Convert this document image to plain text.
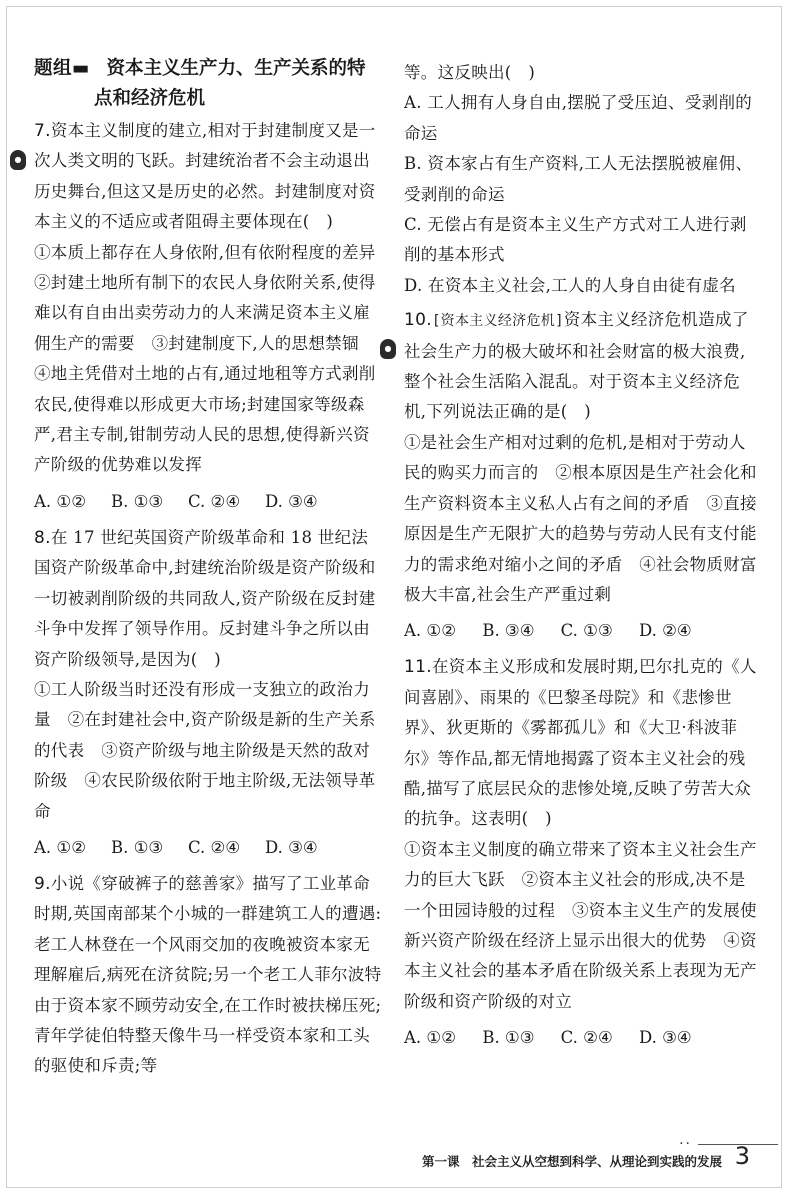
题组▬ 资本主义生产力、生产关系的特
点和经济危机
●

7.资本主义制度的建立,相对于封建制度又是一次人类文明的飞跃。封建统治者不会主动退出历史舞台,但这又是历史的必然。封建制度对资本主义的不适应或者阻碍主要体现在(　)

①本质上都存在人身依附,但有依附程度的差异　②封建土地所有制下的农民人身依附关系,使得难以有自由出卖劳动力的人来满足资本主义雇佣生产的需要　③封建制度下,人的思想禁锢　④地主凭借对土地的占有,通过地租等方式剥削农民,使得难以形成更大市场;封建国家等级森严,君主专制,钳制劳动人民的思想,使得新兴资产阶级的优势难以发挥

A. ①②	B. ①③	C. ②④	D. ③④

8.在 17 世纪英国资产阶级革命和 18 世纪法国资产阶级革命中,封建统治阶级是资产阶级和一切被剥削阶级的共同敌人,资产阶级在反封建斗争中发挥了领导作用。反封建斗争之所以由资产阶级领导,是因为(　)

①工人阶级当时还没有形成一支独立的政治力量　②在封建社会中,资产阶级是新的生产关系的代表　③资产阶级与地主阶级是天然的敌对阶级　④农民阶级依附于地主阶级,无法领导革命

A. ①②	B. ①③	C. ②④	D. ③④

9.小说《穿破裤子的慈善家》描写了工业革命时期,英国南部某个小城的一群建筑工人的遭遇:老工人林登在一个风雨交加的夜晚被资本家无理解雇后,病死在济贫院;另一个老工人菲尔波特由于资本家不顾劳动安全,在工作时被扶梯压死;青年学徒伯特整天像牛马一样受资本家和工头的驱使和斥责;等

等。这反映出(　)

A. 工人拥有人身自由,摆脱了受压迫、受剥削的命运

B. 资本家占有生产资料,工人无法摆脱被雇佣、受剥削的命运

C. 无偿占有是资本主义生产方式对工人进行剥削的基本形式

D. 在资本主义社会,工人的人身自由徒有虚名

●

10.[资本主义经济危机]资本主义经济危机造成了社会生产力的极大破坏和社会财富的极大浪费,整个社会生活陷入混乱。对于资本主义经济危机,下列说法正确的是(　)

①是社会生产相对过剩的危机,是相对于劳动人民的购买力而言的　②根本原因是生产社会化和生产资料资本主义私人占有之间的矛盾　③直接原因是生产无限扩大的趋势与劳动人民有支付能力的需求绝对缩小之间的矛盾　④社会物质财富极大丰富,社会生产严重过剩

A. ①②	B. ③④	C. ①③	D. ②④

11.在资本主义形成和发展时期,巴尔扎克的《人间喜剧》、雨果的《巴黎圣母院》和《悲惨世界》、狄更斯的《雾都孤儿》和《大卫·科波菲尔》等作品,都无情地揭露了资本主义社会的残酷,描写了底层民众的悲惨处境,反映了劳苦大众的抗争。这表明(　)

①资本主义制度的确立带来了资本主义社会生产力的巨大飞跃　②资本主义社会的形成,决不是一个田园诗般的过程　③资本主义生产的发展使新兴资产阶级在经济上显示出很大的优势　④资本主义社会的基本矛盾在阶级关系上表现为无产阶级和资产阶级的对立

A. ①②	B. ①③	C. ②④	D. ③④
··
第一课　社会主义从空想到科学、从理论到实践的发展 3
